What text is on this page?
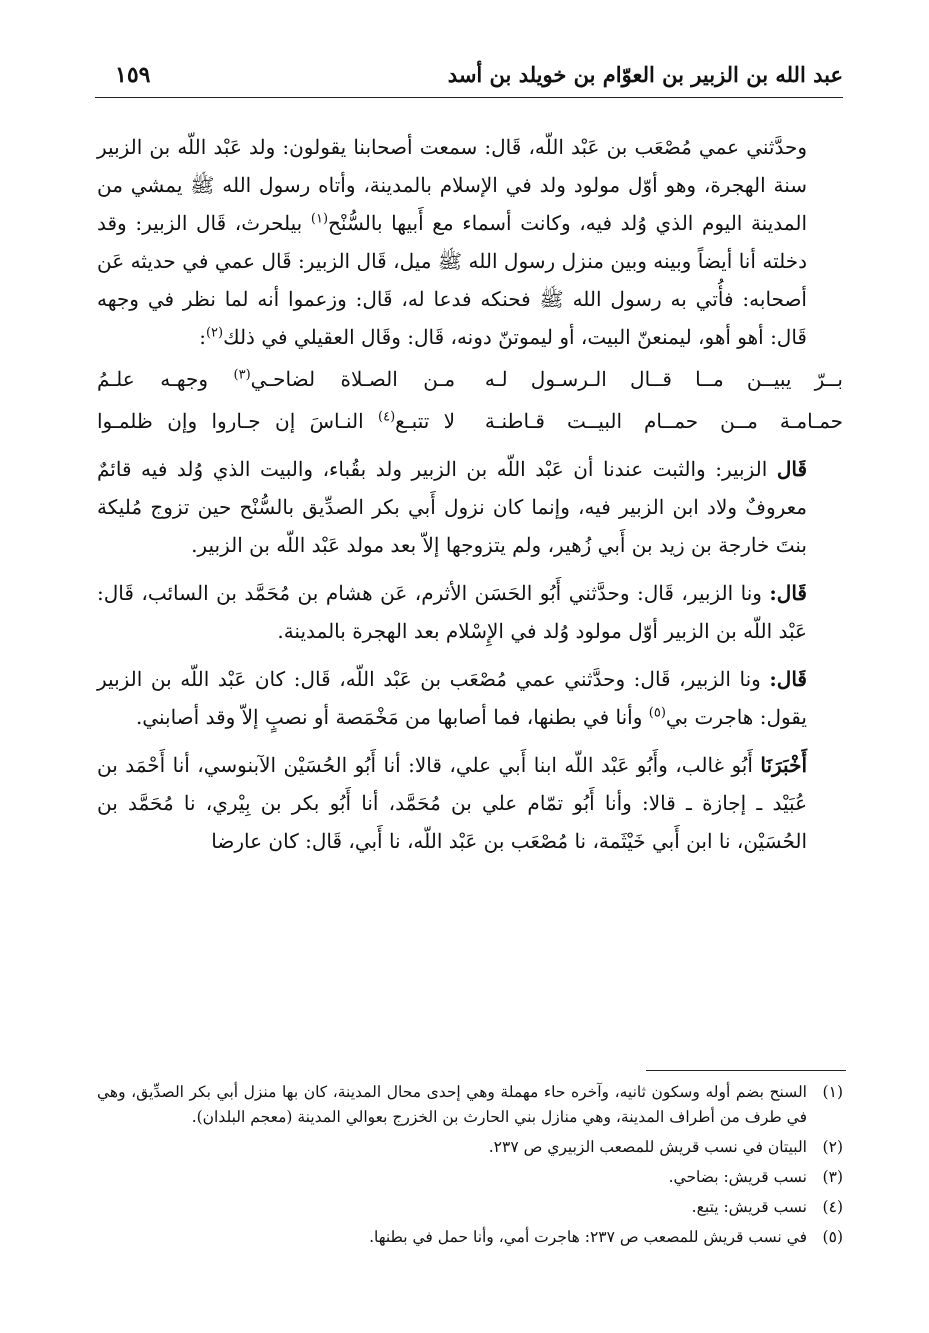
عبد الله بن الزبير بن العوّام بن خويلد بن أسد
١٥٩

وحدَّثني عمي مُصْعَب بن عَبْد اللّه، قَال: سمعت أصحابنا يقولون: ولد عَبْد اللّه بن الزبير سنة الهجرة، وهو أوّل مولود ولد في الإسلام بالمدينة، وأتاه رسول الله ﷺ يمشي من المدينة اليوم الذي وُلد فيه، وكانت أسماء مع أَبيها بالسُّنْح$^{(١)}$ بيلحرث، قَال الزبير: وقد دخلته أنا أيضاً وبينه وبين منزل رسول الله ﷺ ميل، قَال الزبير: قَال عمي في حديثه عَن أصحابه: فأُتي به رسول الله ﷺ فحنكه فدعا له، قَال: وزعموا أنه لما نظر في وجهه قَال: أهو أهو، ليمنعنّ البيت، أو ليموتنّ دونه، قَال: وقَال العقيلي في ذلك$^{(٢)}$:

بــرّ يبيــن مــا قــال الـرسـول لـه
مـن الصـلاة لضاحـي$^{(٣)}$ وجهـه علـمُ
حمـامـة مــن حمــام البيــت قـاطنـة
لا تتبـع$^{(٤)}$ النـاسَ إن جـاروا وإن ظلمـوا

قَال الزبير: والثبت عندنا أن عَبْد اللّه بن الزبير ولد بقُباء، والبيت الذي وُلد فيه قائمٌ معروفٌ ولاد ابن الزبير فيه، وإنما كان نزول أَبي بكر الصدِّيق بالسُّنْح حين تزوج مُليكة بنتَ خارجة بن زيد بن أَبي زُهير، ولم يتزوجها إلاّ بعد مولد عَبْد اللّه بن الزبير.

قَال: ونا الزبير، قَال: وحدَّثني أَبُو الحَسَن الأثرم، عَن هشام بن مُحَمَّد بن السائب، قَال: عَبْد اللّه بن الزبير أوّل مولود وُلد في الإِسْلام بعد الهجرة بالمدينة.

قَال: ونا الزبير، قَال: وحدَّثني عمي مُصْعَب بن عَبْد اللّه، قَال: كان عَبْد اللّه بن الزبير يقول: هاجرت بي$^{(٥)}$ وأنا في بطنها، فما أصابها من مَخْمَصة أو نصبٍ إلاّ وقد أصابني.

أَخْبَرَنَا أَبُو غالب، وأَبُو عَبْد اللّه ابنا أَبي علي، قالا: أنا أَبُو الحُسَيْن الآبنوسي، أنا أَحْمَد بن عُبَيْد ـ إجازة ـ قالا: وأنا أَبُو تمّام علي بن مُحَمَّد، أنا أَبُو بكر بن بِيْري، نا مُحَمَّد بن الحُسَيْن، نا ابن أَبي خَيْثَمة، نا مُصْعَب بن عَبْد اللّه، نا أَبي، قَال: كان عارضا

(١)
السنح بضم أوله وسكون ثانيه، وآخره حاء مهملة وهي إحدى محال المدينة، كان بها منزل أبي بكر الصدِّيق، وهي في طرف من أطراف المدينة، وهي منازل بني الحارث بن الخزرج بعوالي المدينة (معجم البلدان).
(٢)
البيتان في نسب قريش للمصعب الزبيري ص ٢٣٧.
(٣)
نسب قريش: بضاحي.
(٤)
نسب قريش: يتبع.
(٥)
في نسب قريش للمصعب ص ٢٣٧: هاجرت أمي، وأنا حمل في بطنها.
